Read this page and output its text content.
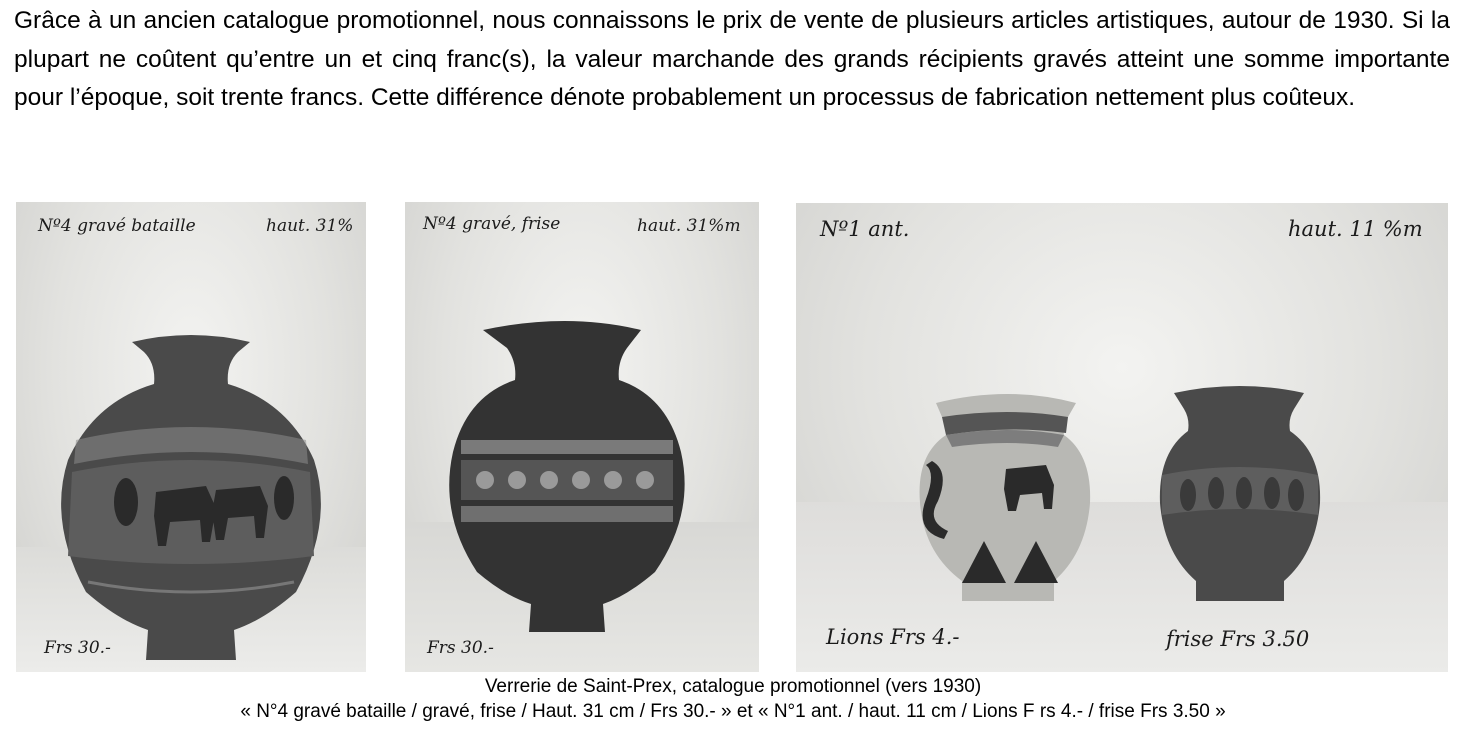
Grâce à un ancien catalogue promotionnel, nous connaissons le prix de vente de plusieurs articles artistiques, autour de 1930. Si la plupart ne coûtent qu’entre un et cinq franc(s), la valeur marchande des grands récipients gravés atteint une somme importante pour l’époque, soit trente francs. Cette différence dénote probablement un processus de fabrication nettement plus coûteux.

Nº4 gravé bataille	haut. 31%
Frs 30.-
Nº4 gravé, frise	haut. 31%m
Frs 30.-
Nº1 ant.	haut. 11 %m
Lions Frs 4.-	frise Frs 3.50
Verrerie de Saint-Prex, catalogue promotionnel (vers 1930)
« N°4 gravé bataille / gravé, frise / Haut. 31 cm / Frs 30.- » et « N°1 ant. / haut. 11 cm / Lions F rs 4.- / frise Frs 3.50 »
